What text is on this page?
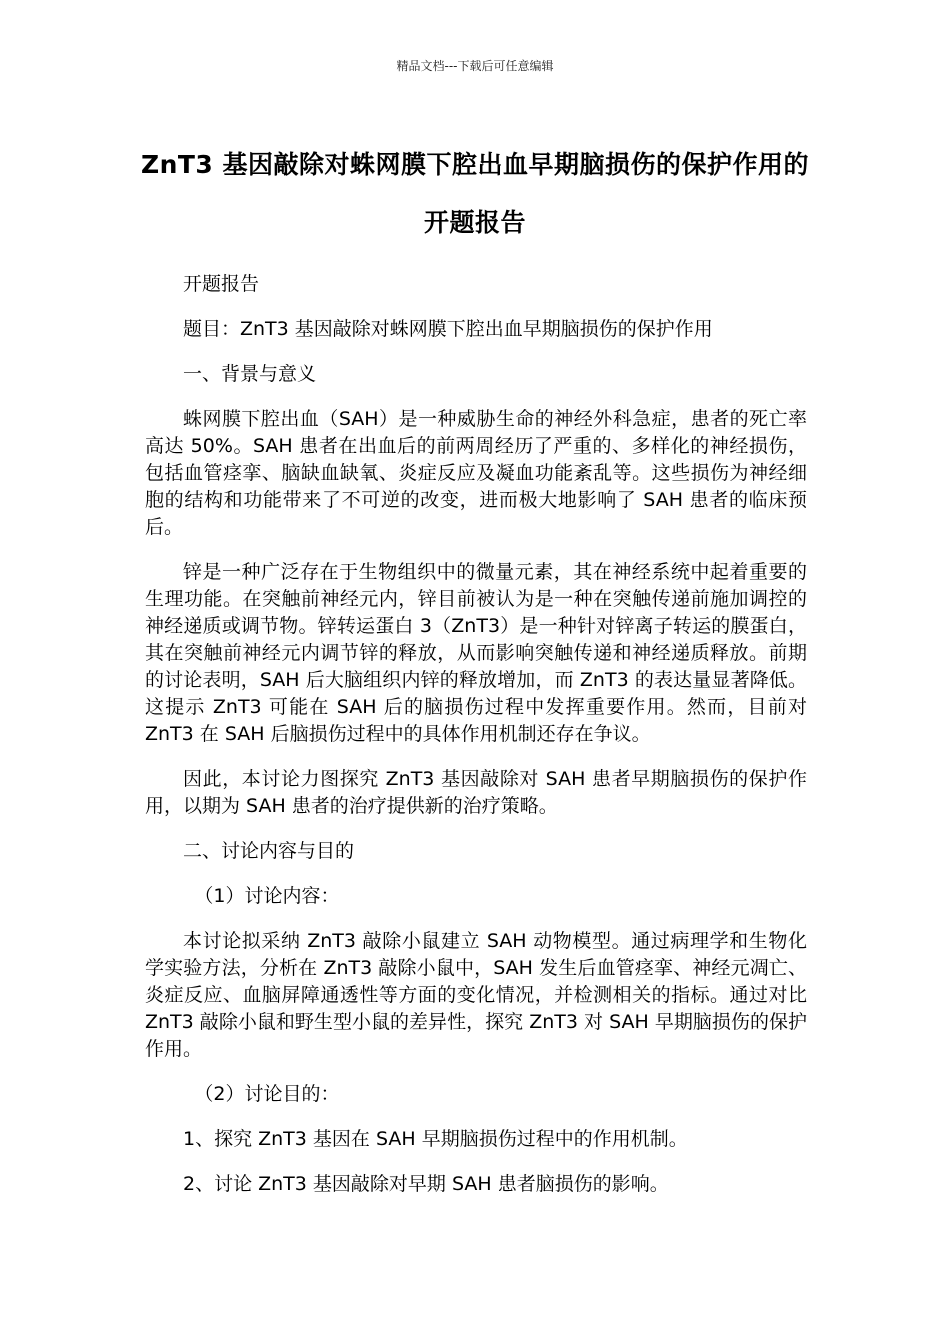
精品文档---下载后可任意编辑
ZnT3 基因敲除对蛛网膜下腔出血早期脑损伤的保护作用的开题报告

开题报告

题目：ZnT3 基因敲除对蛛网膜下腔出血早期脑损伤的保护作用

一、背景与意义

蛛网膜下腔出血（SAH）是一种威胁生命的神经外科急症，患者的死亡率高达 50%。SAH 患者在出血后的前两周经历了严重的、多样化的神经损伤，包括血管痉挛、脑缺血缺氧、炎症反应及凝血功能紊乱等。这些损伤为神经细胞的结构和功能带来了不可逆的改变，进而极大地影响了 SAH 患者的临床预后。

锌是一种广泛存在于生物组织中的微量元素，其在神经系统中起着重要的生理功能。在突触前神经元内，锌目前被认为是一种在突触传递前施加调控的神经递质或调节物。锌转运蛋白 3（ZnT3）是一种针对锌离子转运的膜蛋白，其在突触前神经元内调节锌的释放，从而影响突触传递和神经递质释放。前期的讨论表明，SAH 后大脑组织内锌的释放增加，而 ZnT3 的表达量显著降低。这提示 ZnT3 可能在 SAH 后的脑损伤过程中发挥重要作用。然而，目前对 ZnT3 在 SAH 后脑损伤过程中的具体作用机制还存在争议。

因此，本讨论力图探究 ZnT3 基因敲除对 SAH 患者早期脑损伤的保护作用，以期为 SAH 患者的治疗提供新的治疗策略。

二、讨论内容与目的

（1）讨论内容：

本讨论拟采纳 ZnT3 敲除小鼠建立 SAH 动物模型。通过病理学和生物化学实验方法，分析在 ZnT3 敲除小鼠中，SAH 发生后血管痉挛、神经元凋亡、炎症反应、血脑屏障通透性等方面的变化情况，并检测相关的指标。通过对比 ZnT3 敲除小鼠和野生型小鼠的差异性，探究 ZnT3 对 SAH 早期脑损伤的保护作用。

（2）讨论目的：

1、探究 ZnT3 基因在 SAH 早期脑损伤过程中的作用机制。

2、讨论 ZnT3 基因敲除对早期 SAH 患者脑损伤的影响。
